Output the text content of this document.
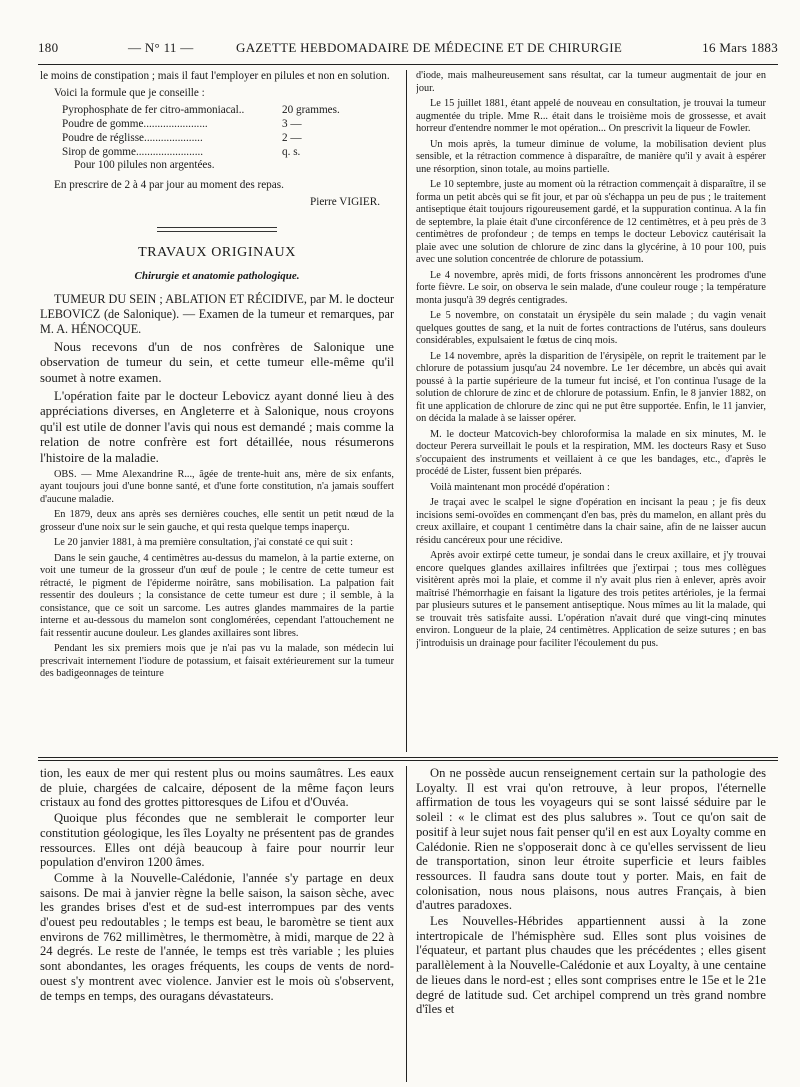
180	— N° 11 —	GAZETTE HEBDOMADAIRE DE MÉDECINE ET DE CHIRURGIE	16 Mars 1883

le moins de constipation ; mais il faut l'employer en pilules et non en solution.

Voici la formule que je conseille :

Pyrophosphate de fer citro-ammoniacal..	20 grammes.
Poudre de gomme.......................	3 —
Poudre de réglisse.....................	2 —
Sirop de gomme........................	q. s.
Pour 100 pilules non argentées.

En prescrire de 2 à 4 par jour au moment des repas.

Pierre VIGIER.
TRAVAUX ORIGINAUX
Chirurgie et anatomie pathologique.

TUMEUR DU SEIN ; ABLATION ET RÉCIDIVE, par M. le docteur LEBOVICZ (de Salonique). — Examen de la tumeur et remarques, par M. A. HÉNOCQUE.

Nous recevons d'un de nos confrères de Salonique une observation de tumeur du sein, et cette tumeur elle-même qu'il soumet à notre examen.

L'opération faite par le docteur Lebovicz ayant donné lieu à des appréciations diverses, en Angleterre et à Salonique, nous croyons qu'il est utile de donner l'avis qui nous est demandé ; mais comme la relation de notre confrère est fort détaillée, nous résumerons l'histoire de la maladie.

OBS. — Mme Alexandrine R..., âgée de trente-huit ans, mère de six enfants, ayant toujours joui d'une bonne santé, et d'une forte constitution, n'a jamais souffert d'aucune maladie.

En 1879, deux ans après ses dernières couches, elle sentit un petit nœud de la grosseur d'une noix sur le sein gauche, et qui resta quelque temps inaperçu.

Le 20 janvier 1881, à ma première consultation, j'ai constaté ce qui suit :

Dans le sein gauche, 4 centimètres au-dessus du mamelon, à la partie externe, on voit une tumeur de la grosseur d'un œuf de poule ; le centre de cette tumeur est rétracté, le pigment de l'épiderme noirâtre, sans mobilisation. La palpation fait ressentir des douleurs ; la consistance de cette tumeur est dure ; il semble, à la consistance, que ce soit un sarcome. Les autres glandes mammaires de la partie interne et au-dessous du mamelon sont conglomérées, cependant l'attouchement ne fait ressentir aucune douleur. Les glandes axillaires sont libres.

Pendant les six premiers mois que je n'ai pas vu la malade, son médecin lui prescrivait internement l'iodure de potassium, et faisait extérieurement sur la tumeur des badigeonnages de teinture

d'iode, mais malheureusement sans résultat, car la tumeur augmentait de jour en jour.

Le 15 juillet 1881, étant appelé de nouveau en consultation, je trouvai la tumeur augmentée du triple. Mme R... était dans le troisième mois de grossesse, et avait horreur d'entendre nommer le mot opération... On prescrivit la liqueur de Fowler.

Un mois après, la tumeur diminue de volume, la mobilisation devient plus sensible, et la rétraction commence à disparaître, de manière qu'il y avait à espérer une résorption, sinon totale, au moins partielle.

Le 10 septembre, juste au moment où la rétraction commençait à disparaître, il se forma un petit abcès qui se fit jour, et par où s'échappa un peu de pus ; le traitement antiseptique était toujours rigoureusement gardé, et la suppuration continua. A la fin de septembre, la plaie était d'une circonférence de 12 centimètres, et à peu près de 3 centimètres de profondeur ; de temps en temps le docteur Lebovicz cautérisait la plaie avec une solution de chlorure de zinc dans la glycérine, à 10 pour 100, puis avec une solution concentrée de chlorure de potassium.

Le 4 novembre, après midi, de forts frissons annoncèrent les prodromes d'une forte fièvre. Le soir, on observa le sein malade, d'une couleur rouge ; la température monta jusqu'à 39 degrés centigrades.

Le 5 novembre, on constatait un érysipèle du sein malade ; du vagin venait quelques gouttes de sang, et la nuit de fortes contractions de l'utérus, sans douleurs considérables, expulsaient le fœtus de cinq mois.

Le 14 novembre, après la disparition de l'érysipèle, on reprit le traitement par le chlorure de potassium jusqu'au 24 novembre. Le 1er décembre, un abcès qui avait poussé à la partie supérieure de la tumeur fut incisé, et l'on continua l'usage de la solution de chlorure de zinc et de chlorure de potassium. Enfin, le 8 janvier 1882, on fit une application de chlorure de zinc qui ne put être supportée. Enfin, le 11 janvier, on décida la malade à se laisser opérer.

M. le docteur Matcovich-bey chloroformisa la malade en six minutes, M. le docteur Perera surveillait le pouls et la respiration, MM. les docteurs Rasy et Suso s'occupaient des instruments et veillaient à ce que les bandages, etc., d'après le procédé de Lister, fussent bien préparés.

Voilà maintenant mon procédé d'opération :

Je traçai avec le scalpel le signe d'opération en incisant la peau ; je fis deux incisions semi-ovoïdes en commençant d'en bas, près du mamelon, en allant près du creux axillaire, et coupant 1 centimètre dans la chair saine, afin de ne laisser aucun résidu cancéreux pour une récidive.

Après avoir extirpé cette tumeur, je sondai dans le creux axillaire, et j'y trouvai encore quelques glandes axillaires infiltrées que j'extirpai ; tous mes collègues visitèrent après moi la plaie, et comme il n'y avait plus rien à enlever, après avoir maîtrisé l'hémorrhagie en faisant la ligature des trois petites artérioles, je la fermai par plusieurs sutures et le pansement antiseptique. Nous mîmes au lit la malade, qui se trouvait très satisfaite aussi. L'opération n'avait duré que vingt-cinq minutes environ. Longueur de la plaie, 24 centimètres. Application de seize sutures ; en bas j'introduisis un drainage pour faciliter l'écoulement du pus.

tion, les eaux de mer qui restent plus ou moins saumâtres. Les eaux de pluie, chargées de calcaire, déposent de la même façon leurs cristaux au fond des grottes pittoresques de Lifou et d'Ouvéa.

Quoique plus fécondes que ne semblerait le comporter leur constitution géologique, les îles Loyalty ne présentent pas de grandes ressources. Elles ont déjà beaucoup à faire pour nourrir leur population d'environ 1200 âmes.

Comme à la Nouvelle-Calédonie, l'année s'y partage en deux saisons. De mai à janvier règne la belle saison, la saison sèche, avec les grandes brises d'est et de sud-est interrompues par des vents d'ouest peu redoutables ; le temps est beau, le baromètre se tient aux environs de 762 millimètres, le thermomètre, à midi, marque de 22 à 24 degrés. Le reste de l'année, le temps est très variable ; les pluies sont abondantes, les orages fréquents, les coups de vents de nord-ouest s'y montrent avec violence. Janvier est le mois où s'observent, de temps en temps, des ouragans dévastateurs.

On ne possède aucun renseignement certain sur la pathologie des Loyalty. Il est vrai qu'on retrouve, à leur propos, l'éternelle affirmation de tous les voyageurs qui se sont laissé séduire par le soleil : « le climat est des plus salubres ». Tout ce qu'on sait de positif à leur sujet nous fait penser qu'il en est aux Loyalty comme en Calédonie. Rien ne s'opposerait donc à ce qu'elles servissent de lieu de transportation, sinon leur étroite superficie et leurs faibles ressources. Il faudra sans doute tout y porter. Mais, en fait de colonisation, nous nous plaisons, nous autres Français, à bien d'autres paradoxes.

Les Nouvelles-Hébrides appartiennent aussi à la zone intertropicale de l'hémisphère sud. Elles sont plus voisines de l'équateur, et partant plus chaudes que les précédentes ; elles gisent parallèlement à la Nouvelle-Calédonie et aux Loyalty, à une centaine de lieues dans le nord-est ; elles sont comprises entre le 15e et le 21e degré de latitude sud. Cet archipel comprend un très grand nombre d'îles et
